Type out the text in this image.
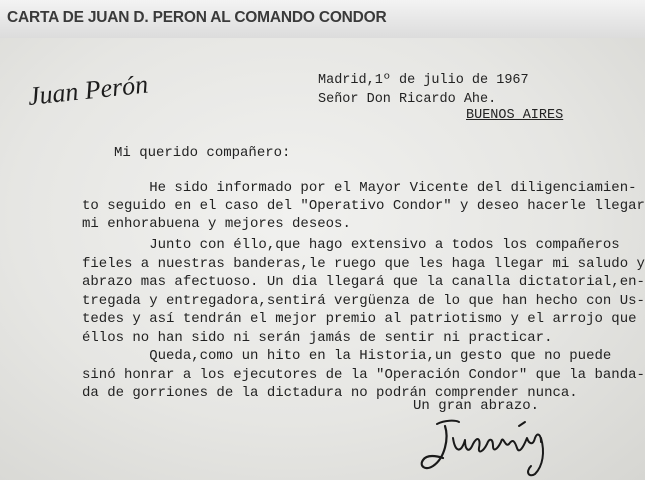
CARTA DE JUAN D. PERON AL COMANDO CONDOR
Juan Perón	Madrid,1º de julio de 1967
Señor Don Ricardo Ahe.
BUENOS AIRES
Mi querido compañero:
He sido informado por el Mayor Vicente del diligenciamien-
to seguido en el caso del "Operativo Condor" y deseo hacerle llegar
mi enhorabuena y mejores deseos.
Junto con éllo,que hago extensivo a todos los compañeros
fieles a nuestras banderas,le ruego que les haga llegar mi saludo y
abrazo mas afectuoso. Un dia llegará que la canalla dictatorial,en-
tregada y entregadora,sentirá vergüenza de lo que han hecho con Us-
tedes y así tendrán el mejor premio al patriotismo y el arrojo que
éllos no han sido ni serán jamás de sentir ni practicar.
Queda,como un hito en la Historia,un gesto que no puede
sinó honrar a los ejecutores de la "Operación Condor" que la banda-
da de gorriones de la dictadura no podrán comprender nunca.
Un gran abrazo.
